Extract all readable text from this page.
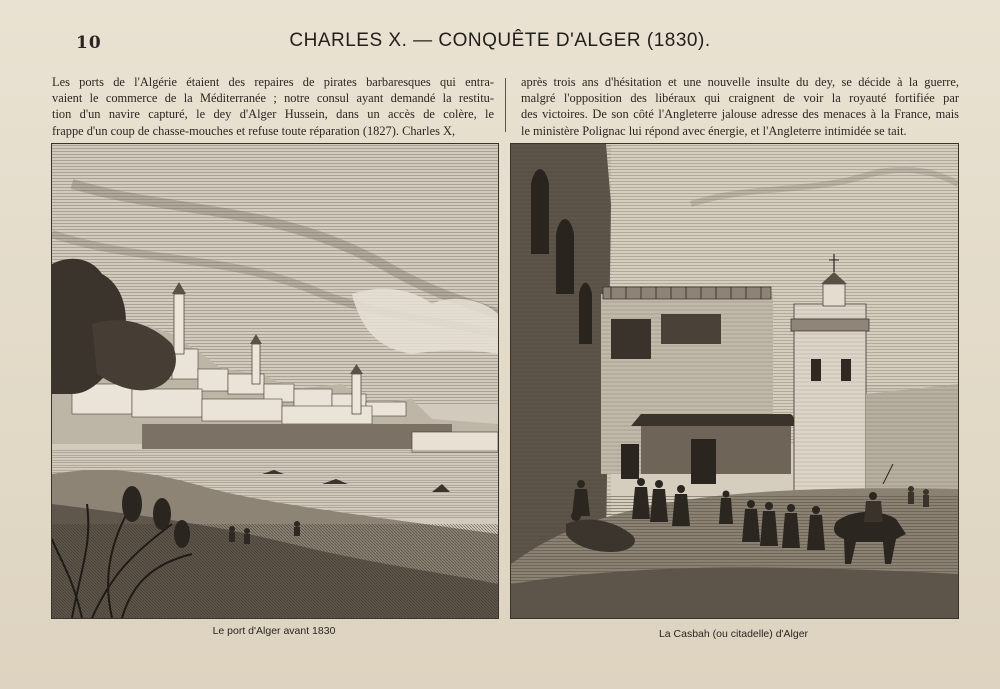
10	CHARLES X. — CONQUÊTE D'ALGER (1830).
Les ports de l'Algérie étaient des repaires de pirates barbaresques qui entra-
vaient le commerce de la Méditerranée ; notre consul ayant demandé la restitu-
tion d'un navire capturé, le dey d'Alger Hussein, dans un accès de colère, le
frappe d'un coup de chasse-mouches et refuse toute réparation (1827). Charles X,
après trois ans d'hésitation et une nouvelle insulte du dey, se décide à la guerre,
malgré l'opposition des libéraux qui craignent de voir la royauté fortifiée par
des victoires. De son côté l'Angleterre jalouse adresse des menaces à la France, mais
le ministère Polignac lui répond avec énergie, et l'Angleterre intimidée se tait.
Le port d'Alger avant 1830	La Casbah (ou citadelle) d'Alger
